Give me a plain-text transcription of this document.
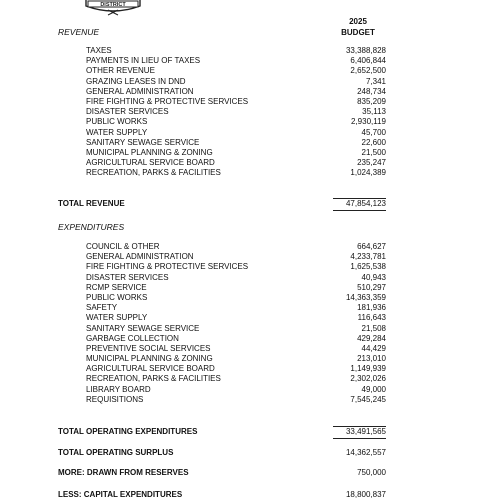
DISTRICT
2025
BUDGET
REVENUE
TAXES	33,388,828
PAYMENTS IN LIEU OF TAXES	6,406,844
OTHER REVENUE	2,652,500
GRAZING LEASES IN DND	7,341
GENERAL ADMINISTRATION	248,734
FIRE FIGHTING & PROTECTIVE SERVICES	835,209
DISASTER SERVICES	35,113
PUBLIC WORKS	2,930,119
WATER SUPPLY	45,700
SANITARY SEWAGE SERVICE	22,600
MUNICIPAL PLANNING & ZONING	21,500
AGRICULTURAL SERVICE BOARD	235,247
RECREATION, PARKS & FACILITIES	1,024,389
TOTAL REVENUE	47,854,123
EXPENDITURES
COUNCIL & OTHER	664,627
GENERAL ADMINISTRATION	4,233,781
FIRE FIGHTING & PROTECTIVE SERVICES	1,625,538
DISASTER SERVICES	40,943
RCMP SERVICE	510,297
PUBLIC WORKS	14,363,359
SAFETY	181,936
WATER SUPPLY	116,643
SANITARY SEWAGE SERVICE	21,508
GARBAGE COLLECTION	429,284
PREVENTIVE SOCIAL SERVICES	44,429
MUNICIPAL PLANNING & ZONING	213,010
AGRICULTURAL SERVICE BOARD	1,149,939
RECREATION, PARKS & FACILITIES	2,302,026
LIBRARY BOARD	49,000
REQUISITIONS	7,545,245
TOTAL OPERATING EXPENDITURES	33,491,565
TOTAL OPERATING SURPLUS	14,362,557
MORE: DRAWN FROM RESERVES	750,000
LESS: CAPITAL EXPENDITURES	18,800,837
